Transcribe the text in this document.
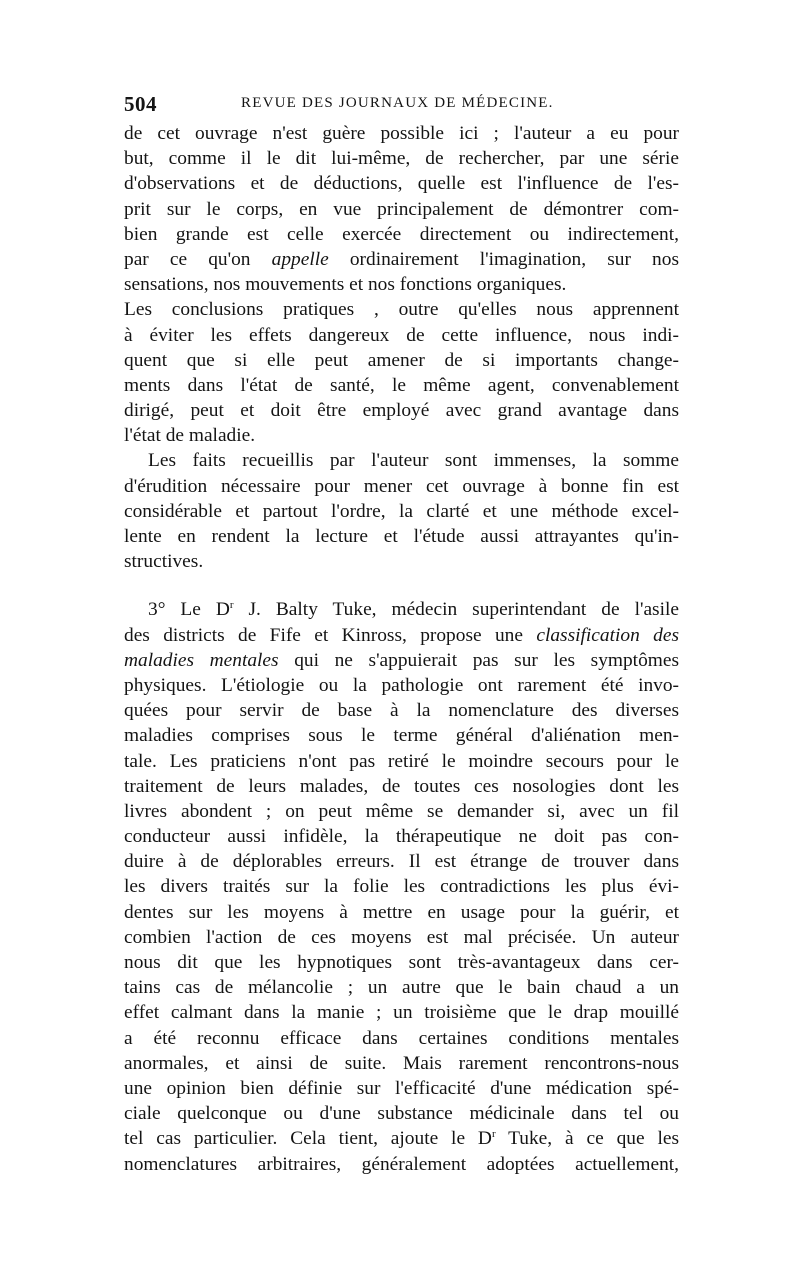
504	REVUE DES JOURNAUX DE MÉDECINE.
de cet ouvrage n'est guère possible ici ; l'auteur a eu pour
but, comme il le dit lui-même, de rechercher, par une série
d'observations et de déductions, quelle est l'influence de l'es-
prit sur le corps, en vue principalement de démontrer com-
bien grande est celle exercée directement ou indirectement,
par ce qu'on appelle ordinairement l'imagination, sur nos
sensations, nos mouvements et nos fonctions organiques.
Les conclusions pratiques , outre qu'elles nous apprennent
à éviter les effets dangereux de cette influence, nous indi-
quent que si elle peut amener de si importants change-
ments dans l'état de santé, le même agent, convenablement
dirigé, peut et doit être employé avec grand avantage dans
l'état de maladie.
Les faits recueillis par l'auteur sont immenses, la somme
d'érudition nécessaire pour mener cet ouvrage à bonne fin est
considérable et partout l'ordre, la clarté et une méthode excel-
lente en rendent la lecture et l'étude aussi attrayantes qu'in-
structives.
3° Le $D^r$ J. Balty Tuke, médecin superintendant de l'asile
des districts de Fife et Kinross, propose une classification des
maladies mentales qui ne s'appuierait pas sur les symptômes
physiques. L'étiologie ou la pathologie ont rarement été invo-
quées pour servir de base à la nomenclature des diverses
maladies comprises sous le terme général d'aliénation men-
tale. Les praticiens n'ont pas retiré le moindre secours pour le
traitement de leurs malades, de toutes ces nosologies dont les
livres abondent ; on peut même se demander si, avec un fil
conducteur aussi infidèle, la thérapeutique ne doit pas con-
duire à de déplorables erreurs. Il est étrange de trouver dans
les divers traités sur la folie les contradictions les plus évi-
dentes sur les moyens à mettre en usage pour la guérir, et
combien l'action de ces moyens est mal précisée. Un auteur
nous dit que les hypnotiques sont très-avantageux dans cer-
tains cas de mélancolie ; un autre que le bain chaud a un
effet calmant dans la manie ; un troisième que le drap mouillé
a été reconnu efficace dans certaines conditions mentales
anormales, et ainsi de suite. Mais rarement rencontrons-nous
une opinion bien définie sur l'efficacité d'une médication spé-
ciale quelconque ou d'une substance médicinale dans tel ou
tel cas particulier. Cela tient, ajoute le $D^r$ Tuke, à ce que les
nomenclatures arbitraires, généralement adoptées actuellement,
